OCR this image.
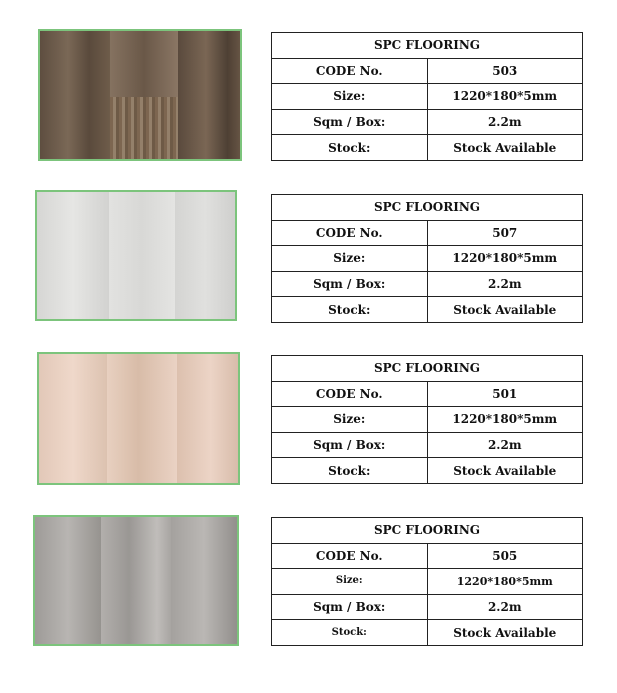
SPC FLOORING	
CODE No.	503
Size:	1220*180*5mm
Sqm / Box:	2.2m
Stock:	Stock Available
SPC FLOORING	
CODE No.	507
Size:	1220*180*5mm
Sqm / Box:	2.2m
Stock:	Stock Available
SPC FLOORING	
CODE No.	501
Size:	1220*180*5mm
Sqm / Box:	2.2m
Stock:	Stock Available
SPC FLOORING	
CODE No.	505
Size:	1220*180*5mm
Sqm / Box:	2.2m
Stock:	Stock Available
